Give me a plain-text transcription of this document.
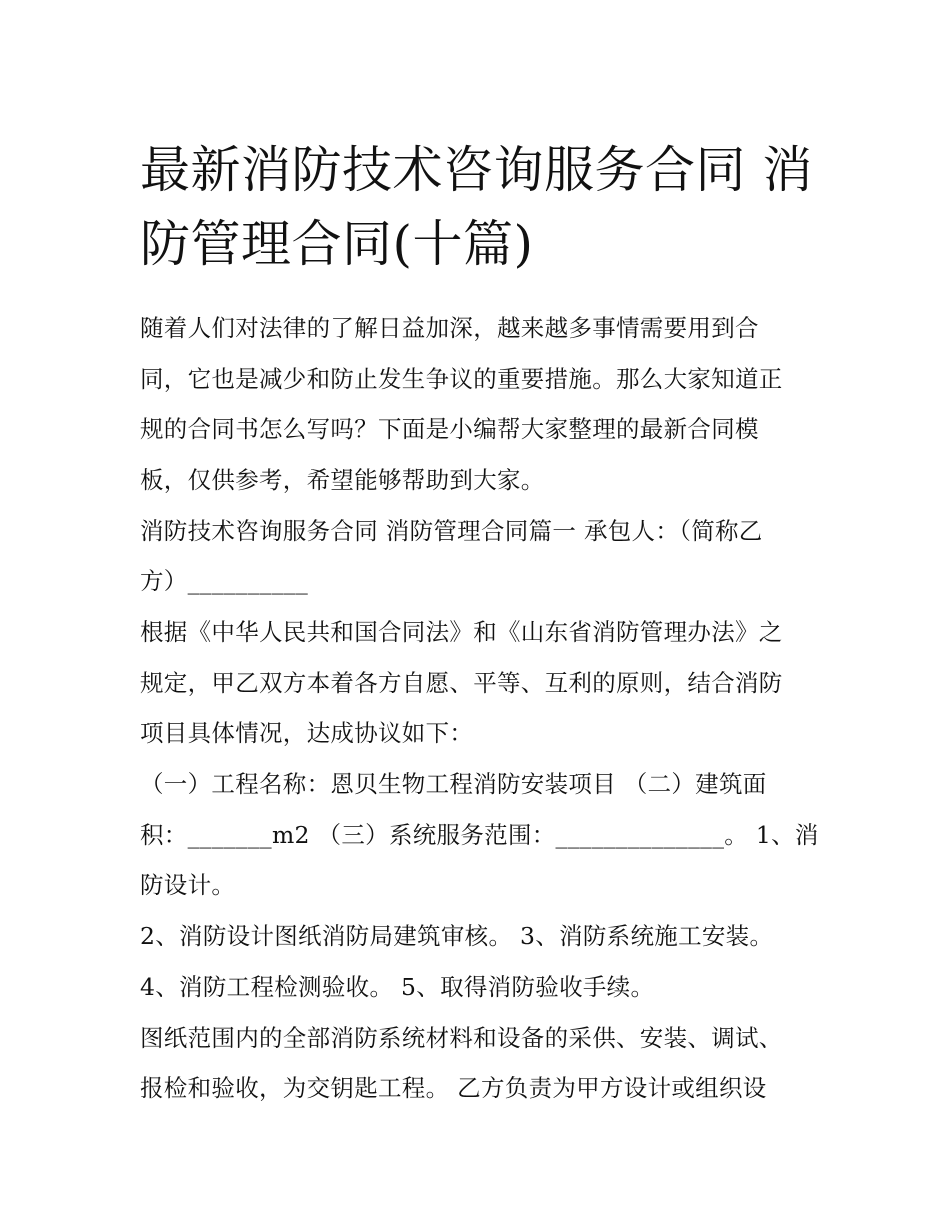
最新消防技术咨询服务合同 消
防管理合同(十篇)
随着人们对法律的了解日益加深，越来越多事情需要用到合
同，它也是减少和防止发生争议的重要措施。那么大家知道正
规的合同书怎么写吗？下面是小编帮大家整理的最新合同模
板，仅供参考，希望能够帮助到大家。
消防技术咨询服务合同 消防管理合同篇一 承包人：（简称乙
方）__________
根据《中华人民共和国合同法》和《山东省消防管理办法》之
规定，甲乙双方本着各方自愿、平等、互利的原则，结合消防
项目具体情况，达成协议如下：
（一）工程名称：恩贝生物工程消防安装项目 （二）建筑面
积：_______m2 （三）系统服务范围：______________。 1、消
防设计。
2、消防设计图纸消防局建筑审核。 3、消防系统施工安装。
4、消防工程检测验收。 5、取得消防验收手续。
图纸范围内的全部消防系统材料和设备的采供、安装、调试、
报检和验收，为交钥匙工程。 乙方负责为甲方设计或组织设
